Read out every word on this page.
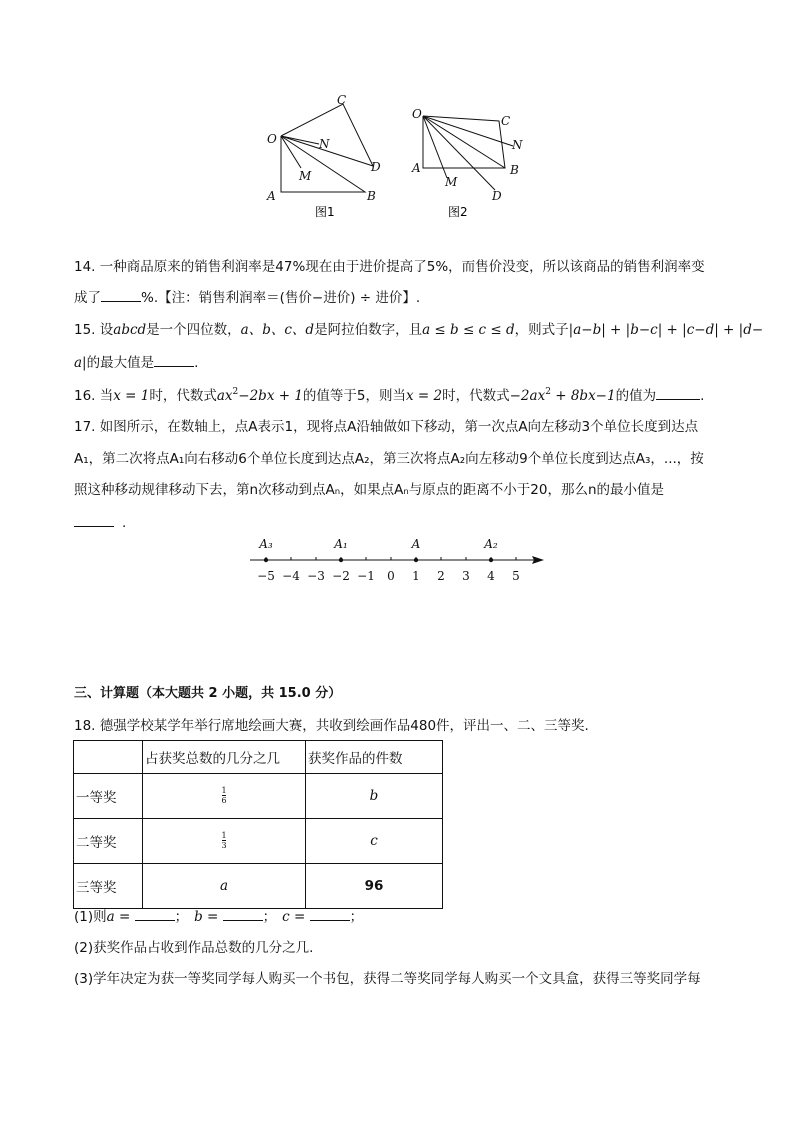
O
C
N
M
D
A	B
图1
O	C
N
A
M
B
D
图2
14. 一种商品原来的销售利润率是47%现在由于进价提高了5%，而售价没变，所以该商品的销售利润率变
成了	%.【注：销售利润率＝(售价−进价) ÷ 进价】.
15. 设abcd是一个四位数，a、b、c、d是阿拉伯数字，且a ≤ b ≤ c ≤ d，则式子|a−b| + |b−c| + |c−d| + |d−
a|的最大值是	.
16. 当x = 1时，代数式$ax^2-2bx + 1$的值等于5，则当x = 2时，代数式$-2ax^2 + 8bx-1$的值为	.
17. 如图所示，在数轴上，点A表示1，现将点A沿轴做如下移动，第一次点A向左移动3个单位长度到达点
A₁，第二次将点A₁向右移动6个单位长度到达点A₂，第三次将点A₂向左移动9个单位长度到达点A₃，...，按
照这种移动规律移动下去，第n次移动到点Aₙ，如果点Aₙ与原点的距离不小于20，那么n的最小值是
.
−5 −4 −3 −2 −1 0 1 2 3 4 5
A₃	A₁	A	A₂
三、计算题（本大题共 2 小题，共 15.0 分）
18. 德强学校某学年举行席地绘画大赛，共收到绘画作品480件，评出一、二、三等奖.
	占获奖总数的几分之几	获奖作品的件数
一等奖	$\frac{1}{6}$	b
二等奖	$\frac{1}{3}$	c
三等奖	a	96
(1)则a =	； b =	； c =	；
(2)获奖作品占收到作品总数的几分之几.
(3)学年决定为获一等奖同学每人购买一个书包，获得二等奖同学每人购买一个文具盒，获得三等奖同学每
